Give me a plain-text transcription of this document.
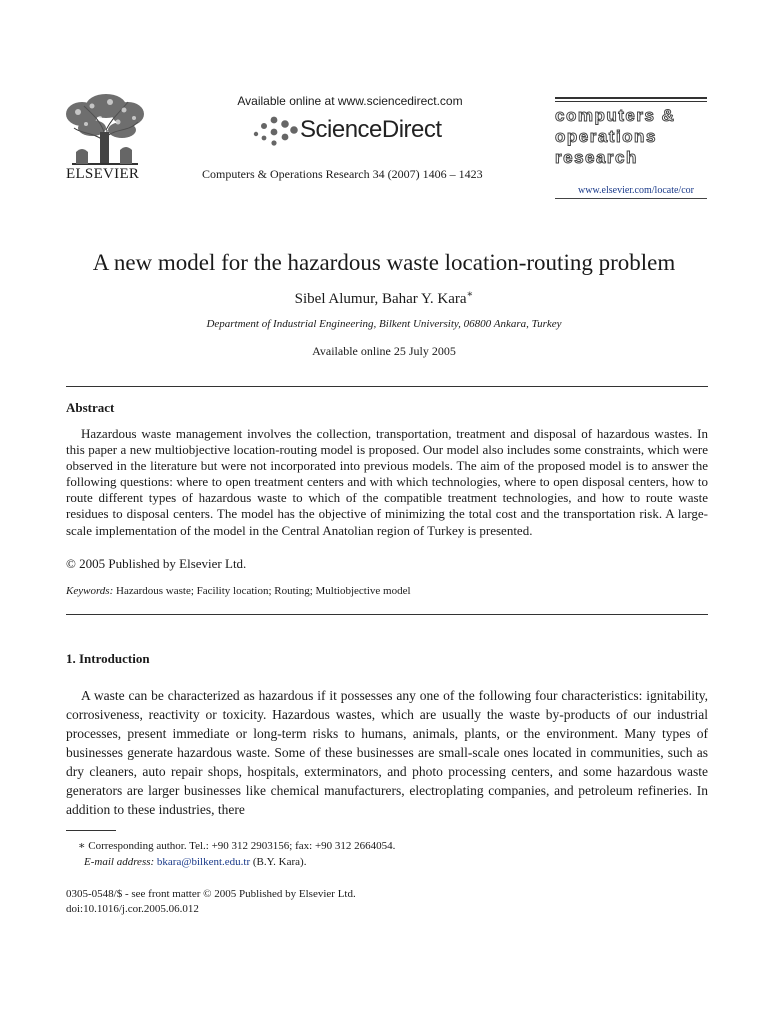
ELSEVIER
Available online at www.sciencedirect.com
ScienceDirect
Computers & Operations Research 34 (2007) 1406 – 1423
computers &
operations
research
www.elsevier.com/locate/cor
A new model for the hazardous waste location-routing problem
Sibel Alumur, Bahar Y. Kara∗
Department of Industrial Engineering, Bilkent University, 06800 Ankara, Turkey
Available online 25 July 2005
Abstract

Hazardous waste management involves the collection, transportation, treatment and disposal of hazardous wastes. In this paper a new multiobjective location-routing model is proposed. Our model also includes some constraints, which were observed in the literature but were not incorporated into previous models. The aim of the proposed model is to answer the following questions: where to open treatment centers and with which technologies, where to open disposal centers, how to route different types of hazardous waste to which of the compatible treatment technologies, and how to route waste residues to disposal centers. The model has the objective of minimizing the total cost and the transportation risk. A large-scale implementation of the model in the Central Anatolian region of Turkey is presented.

© 2005 Published by Elsevier Ltd.
Keywords: Hazardous waste; Facility location; Routing; Multiobjective model
1. Introduction

A waste can be characterized as hazardous if it possesses any one of the following four characteristics: ignitability, corrosiveness, reactivity or toxicity. Hazardous wastes, which are usually the waste by-products of our industrial processes, present immediate or long-term risks to humans, animals, plants, or the environment. Many types of businesses generate hazardous waste. Some of these businesses are small-scale ones located in communities, such as dry cleaners, auto repair shops, hospitals, exterminators, and photo processing centers, and some hazardous waste generators are larger businesses like chemical manufacturers, electroplating companies, and petroleum refineries. In addition to these industries, there

∗ Corresponding author. Tel.: +90 312 2903156; fax: +90 312 2664054.
E-mail address: bkara@bilkent.edu.tr (B.Y. Kara).
0305-0548/$ - see front matter © 2005 Published by Elsevier Ltd.
doi:10.1016/j.cor.2005.06.012
